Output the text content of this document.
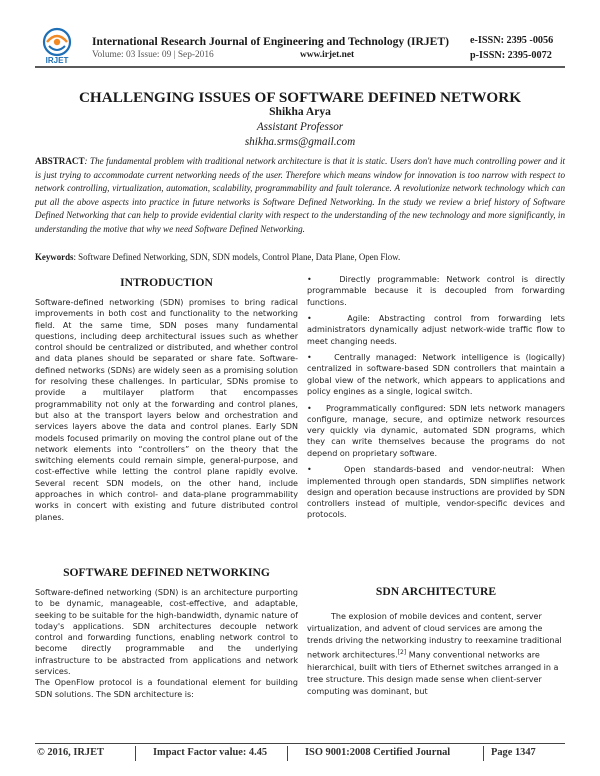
IRJET
International Research Journal of Engineering and Technology (IRJET)
Volume: 03 Issue: 09 | Sep-2016	www.irjet.net
e-ISSN: 2395 -0056
p-ISSN: 2395-0072
CHALLENGING ISSUES OF SOFTWARE DEFINED NETWORK
Shikha Arya
Assistant Professor
shikha.srms@gmail.com
ABSTRACT: The fundamental problem with traditional network architecture is that it is static. Users don't have much controlling power and it is just trying to accommodate current networking needs of the user. Therefore which means window for innovation is too narrow with respect to network controlling, virtualization, automation, scalability, programmability and fault tolerance. A revolutionize network technology which can put all the above aspects into practice in future networks is Software Defined Networking. In the study we review a brief history of Software Defined Networking that can help to provide evidential clarity with respect to the understanding of the new technology and more significantly, in understanding the motive that why we need Software Defined Networking.
Keywords: Software Defined Networking, SDN, SDN models, Control Plane, Data Plane, Open Flow.
INTRODUCTION

Software-defined networking (SDN) promises to bring radical improvements in both cost and functionality to the networking field. At the same time, SDN poses many fundamental questions, including deep architectural issues such as whether control should be centralized or distributed, and whether control and data planes should be separated or share fate. Software-defined networks (SDNs) are widely seen as a promising solution for resolving these challenges. In particular, SDNs promise to provide a multilayer platform that encompasses programmability not only at the forwarding and control planes, but also at the transport layers below and orchestration and services layers above the data and control planes. Early SDN models focused primarily on moving the control plane out of the network elements into “controllers” on the theory that the switching elements could remain simple, general-purpose, and cost-effective while letting the control plane rapidly evolve. Several recent SDN models, on the other hand, include approaches in which control- and data-plane programmability works in concert with existing and future distributed control planes.

SOFTWARE DEFINED NETWORKING

Software-defined networking (SDN) is an architecture purporting to be dynamic, manageable, cost-effective, and adaptable, seeking to be suitable for the high-bandwidth, dynamic nature of today's applications. SDN architectures decouple network control and forwarding functions, enabling network control to become directly programmable and the underlying infrastructure to be abstracted from applications and network services.

The OpenFlow protocol is a foundational element for building SDN solutions. The SDN architecture is:

•    Directly programmable: Network control is directly programmable because it is decoupled from forwarding functions.

•    Agile: Abstracting control from forwarding lets administrators dynamically adjust network-wide traffic flow to meet changing needs.

•    Centrally managed: Network intelligence is (logically) centralized in software-based SDN controllers that maintain a global view of the network, which appears to applications and policy engines as a single, logical switch.

•    Programmatically configured: SDN lets network managers configure, manage, secure, and optimize network resources very quickly via dynamic, automated SDN programs, which they can write themselves because the programs do not depend on proprietary software.

•    Open standards-based and vendor-neutral: When implemented through open standards, SDN simplifies network design and operation because instructions are provided by SDN controllers instead of multiple, vendor-specific devices and protocols.

SDN ARCHITECTURE
The explosion of mobile devices and content, server virtualization, and advent of cloud services are among the trends driving the networking industry to reexamine traditional network architectures.[2] Many conventional networks are hierarchical, built with tiers of Ethernet switches arranged in a tree structure. This design made sense when client-server computing was dominant, but
© 2016, IRJET	Impact Factor value: 4.45	ISO 9001:2008 Certified Journal	Page 1347
